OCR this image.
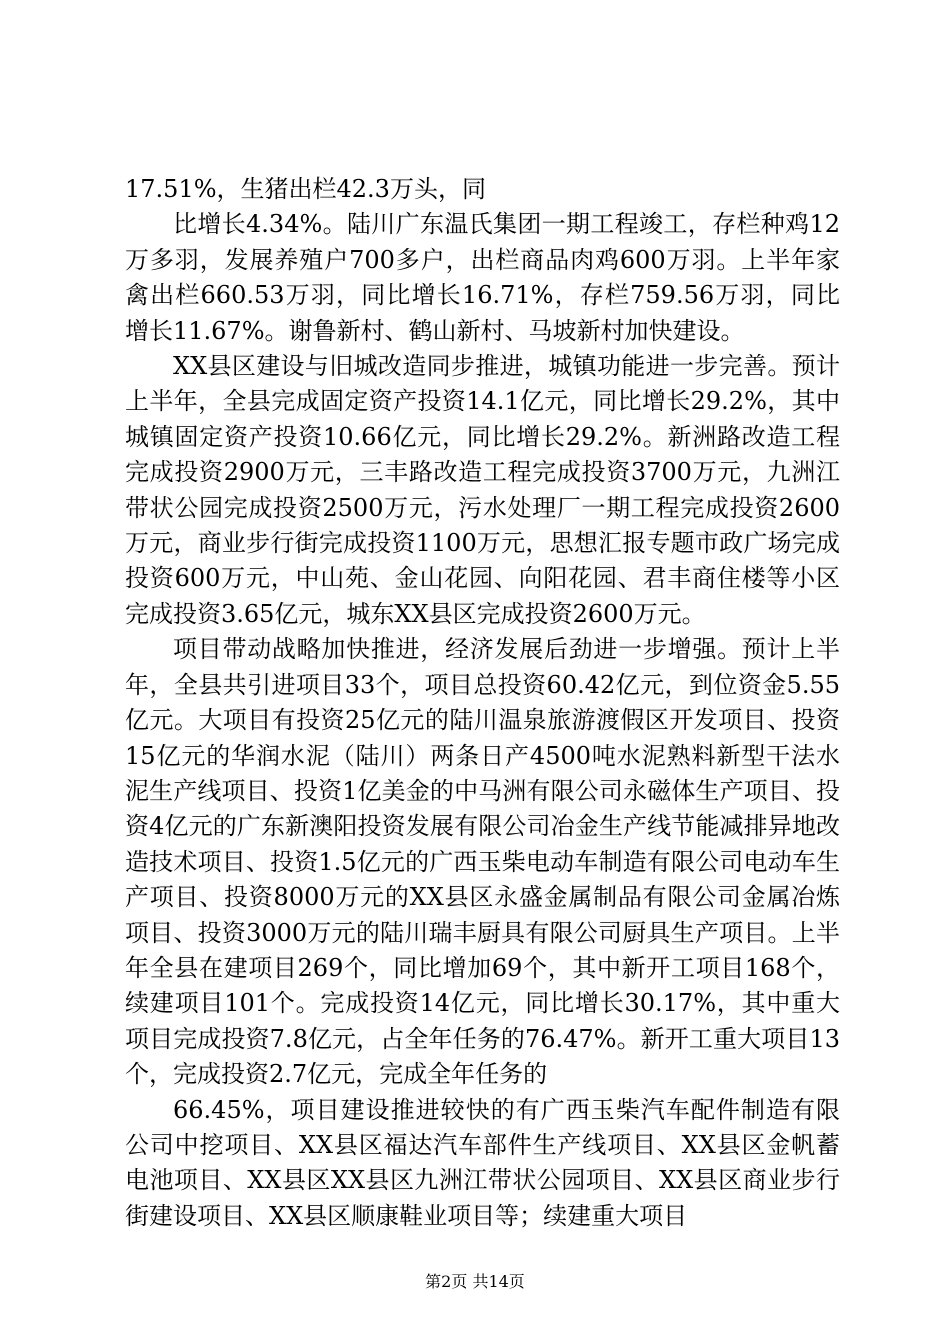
17.51%，生猪出栏42.3万头，同

比增长4.34%。陆川广东温氏集团一期工程竣工，存栏种鸡12万多羽，发展养殖户700多户，出栏商品肉鸡600万羽。上半年家禽出栏660.53万羽，同比增长16.71%，存栏759.56万羽，同比增长11.67%。谢鲁新村、鹤山新村、马坡新村加快建设。

XX县区建设与旧城改造同步推进，城镇功能进一步完善。预计上半年，全县完成固定资产投资14.1亿元，同比增长29.2%，其中城镇固定资产投资10.66亿元，同比增长29.2%。新洲路改造工程完成投资2900万元，三丰路改造工程完成投资3700万元，九洲江带状公园完成投资2500万元，污水处理厂一期工程完成投资2600万元，商业步行街完成投资1100万元，思想汇报专题市政广场完成投资600万元，中山苑、金山花园、向阳花园、君丰商住楼等小区完成投资3.65亿元，城东XX县区完成投资2600万元。

项目带动战略加快推进，经济发展后劲进一步增强。预计上半年，全县共引进项目33个，项目总投资60.42亿元，到位资金5.55亿元。大项目有投资25亿元的陆川温泉旅游渡假区开发项目、投资15亿元的华润水泥（陆川）两条日产4500吨水泥熟料新型干法水泥生产线项目、投资1亿美金的中马洲有限公司永磁体生产项目、投资4亿元的广东新澳阳投资发展有限公司冶金生产线节能减排异地改造技术项目、投资1.5亿元的广西玉柴电动车制造有限公司电动车生产项目、投资8000万元的XX县区永盛金属制品有限公司金属冶炼项目、投资3000万元的陆川瑞丰厨具有限公司厨具生产项目。上半年全县在建项目269个，同比增加69个，其中新开工项目168个，续建项目101个。完成投资14亿元，同比增长30.17%，其中重大项目完成投资7.8亿元，占全年任务的76.47%。新开工重大项目13个，完成投资2.7亿元，完成全年任务的

66.45%，项目建设推进较快的有广西玉柴汽车配件制造有限公司中挖项目、XX县区福达汽车部件生产线项目、XX县区金帆蓄电池项目、XX县区XX县区九洲江带状公园项目、XX县区商业步行街建设项目、XX县区顺康鞋业项目等；续建重大项目

第2页 共14页
